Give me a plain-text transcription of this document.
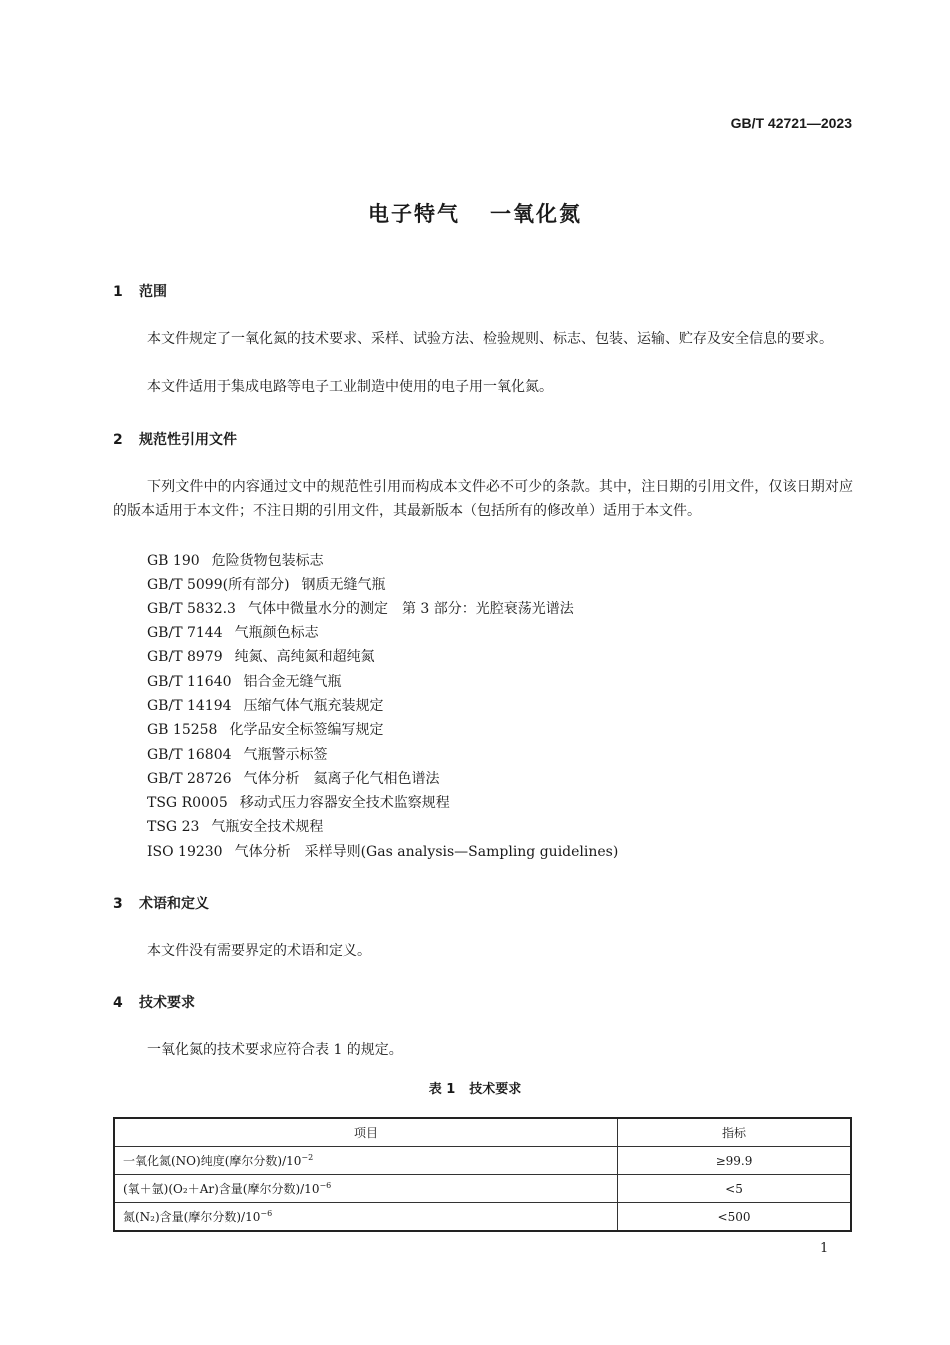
GB/T 42721—2023
电子特气 一氧化氮
1 范围
本文件规定了一氧化氮的技术要求、采样、试验方法、检验规则、标志、包装、运输、贮存及安全信息的要求。
本文件适用于集成电路等电子工业制造中使用的电子用一氧化氮。
2 规范性引用文件
下列文件中的内容通过文中的规范性引用而构成本文件必不可少的条款。其中，注日期的引用文件，仅该日期对应的版本适用于本文件；不注日期的引用文件，其最新版本（包括所有的修改单）适用于本文件。
GB 190 危险货物包装标志
GB/T 5099(所有部分) 钢质无缝气瓶
GB/T 5832.3 气体中微量水分的测定　第 3 部分：光腔衰荡光谱法
GB/T 7144 气瓶颜色标志
GB/T 8979 纯氮、高纯氮和超纯氮
GB/T 11640 铝合金无缝气瓶
GB/T 14194 压缩气体气瓶充装规定
GB 15258 化学品安全标签编写规定
GB/T 16804 气瓶警示标签
GB/T 28726 气体分析　氦离子化气相色谱法
TSG R0005 移动式压力容器安全技术监察规程
TSG 23 气瓶安全技术规程
ISO 19230 气体分析　采样导则(Gas analysis—Sampling guidelines)
3 术语和定义
本文件没有需要界定的术语和定义。
4 技术要求
一氧化氮的技术要求应符合表 1 的规定。
表 1 技术要求
项目	指标
一氧化氮(NO)纯度(摩尔分数)$/10^{-2}$	≥99.9
(氧＋氩)(O₂＋Ar)含量(摩尔分数)$/10^{-6}$	<5
氮(N₂)含量(摩尔分数)$/10^{-6}$	<500
1
